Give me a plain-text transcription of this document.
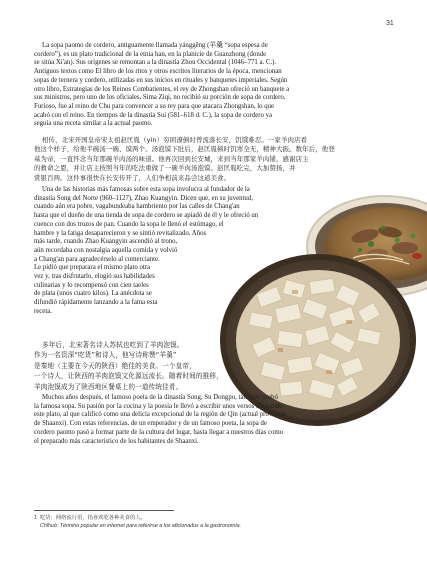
31
La sopa paomo de cordero, antiguamente llamada yánggēng (羊羹 “sopa espesa de
cordero”), es un plato tradicional de la etnia han, en la planicie de Guanzhong (donde
se sitúa Xi'an). Sus orígenes se remontan a la dinastía Zhou Occidental (1046–771 a. C.).
Antiguos textos como El libro de los ritos y otros escritos literarios de la época, mencionan
sopas de ternera y cordero, utilizadas en sus inicios en rituales y banquetes imperiales. Según
otro libro, Estrategias de los Reinos Combatientes, el rey de Zhongshan ofreció un banquete a
sus ministros, pero uno de los oficiales, Sima Ziqi, no recibió su porción de sopa de cordero.
Furioso, fue al reino de Chu para convencer a su rey para que atacara Zhongshan, lo que
acabó con el reino. En tiempos de la dinastía Sui (581–618 d. C.), la sopa de cordero ya
seguía una receta similar a la actual paomo.
相传，北宋开国皇帝宋太祖赵匡胤（yìn）穷困潦倒时曾流落长安，饥饿难忍。一家羊肉店看
他这个样子，给他半碗汤一碗、馍两个。汤泡馍下肚后，赵匡胤顿时饥寒全无，精神大振。数年后，他登
基为帝，一直怀念当年那碗羊肉汤的味道。他再次回到长安城，来到当年那家羊肉铺，感谢店主
的救命之恩，并让店主按照当年的吃法重做了一碗羊肉汤泡馍。赵匡胤吃完，大加赞扬，并
赏银百两。这件事很快在长安传开了，人们争相前来品尝这道美食。
Una de las historias más famosas sobre esta sopa involucra al fundador de la
dinastía Song del Norte (960–1127), Zhao Kuangyin. Dicen que, en su juventud,
cuando aún era pobre, vagabundeaba hambriento por las calles de Chang'an
hasta que el dueño de una tienda de sopa de cordero se apiadó de él y le ofreció un
cuenco con dos trozos de pan. Cuando la sopa le llenó el estómago, el
hambre y la fatiga desaparecieron y se sintió revitalizado. Años
más tarde, cuando Zhao Kuangyin ascendió al trono,
aún recordaba con nostalgia aquella comida y volvió
a Chang'an para agradecérselo al comerciante.
Le pidió que preparara el mismo plato otra
vez y, tras disfrutarlo, elogió sus habilidades
culinarias y lo recompensó con cien taeles
de plata (unos cuatro kilos). La anécdota se
difundió rápidamente lanzando a la fama esta
receta.
多年后，北宋著名诗人苏轼也吃到了羊肉泡馍。
作为一名资深“吃货”和诗人，他写诗称赞“羊羹”
是秦地（主要在今天的陕西）绝佳的美食。一个皇帝，
一个诗人，让陕西的羊肉泡馍文化源远流长。随着时间的推移，
羊肉泡馍成为了陕西地区餐桌上的一道传统佳肴。
Muchos años después, el famoso poeta de la dinastía Song, Su Dongpo, también probó
la famosa sopa. Su pasión por la cocina y la poesía le llevó a escribir unos versos elogiando
este plato, al que calificó como una delicia excepcional de la región de Qin (actual provincia
de Shaanxi). Con estas referencias, de un emperador y de un famoso poeta, la sopa de
cordero paomo pasó a formar parte de la cultura del lugar, hasta llegar a nuestros días como
el preparado más característico de los habitantes de Shaanxi.
1 吃货：网络流行语，指喜欢吃各种美食的人。
Chīhuò: Término popular en internet para referirse a los aficionados a la gastronomía.
